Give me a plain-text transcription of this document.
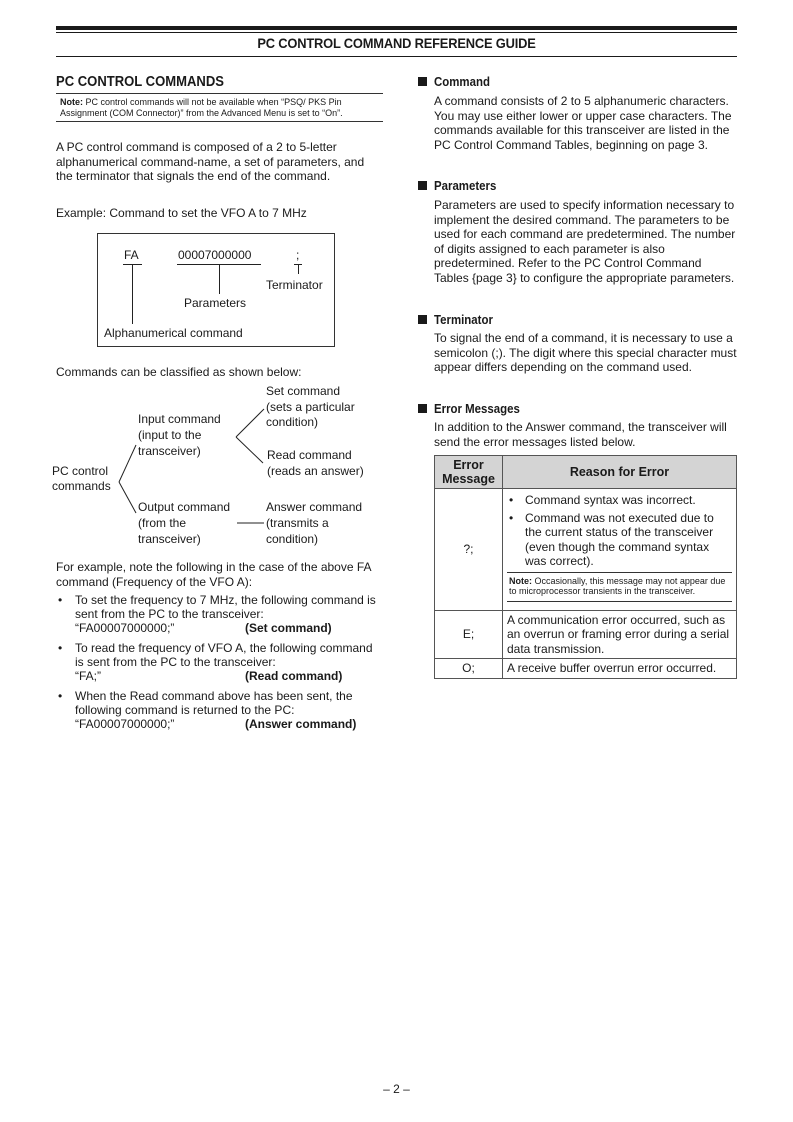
PC CONTROL COMMAND REFERENCE GUIDE
PC CONTROL COMMANDS
Note: PC control commands will not be available when “PSQ/ PKS Pin Assignment (COM Connector)” from the Advanced Menu is set to “On”.
A PC control command is composed of a 2 to 5-letter alphanumerical command-name, a set of parameters, and the terminator that signals the end of the command.
Example: Command to set the VFO A to 7 MHz
FA	00007000000	;
Terminator
Parameters
Alphanumerical command
Commands can be classified as shown below:
PC control
commands
Input command
(input to the
transceiver)
Output command
(from the
transceiver)
Set command
(sets a particular
condition)
Read command
(reads an answer)
Answer command
(transmits a
condition)
For example, note the following in the case of the above FA command (Frequency of the VFO A):
• To set the frequency to 7 MHz, the following command is sent from the PC to the transceiver:
“FA00007000000;”	(Set command)
• To read the frequency of VFO A, the following command is sent from the PC to the transceiver:
“FA;”	(Read command)
• When the Read command above has been sent, the following command is returned to the PC:
“FA00007000000;”	(Answer command)
Command
A command consists of 2 to 5 alphanumeric characters. You may use either lower or upper case characters. The commands available for this transceiver are listed in the PC Control Command Tables, beginning on page 3.
Parameters
Parameters are used to specify information necessary to implement the desired command. The parameters to be used for each command are predetermined. The number of digits assigned to each parameter is also predetermined. Refer to the PC Control Command Tables {page 3} to configure the appropriate parameters.
Terminator
To signal the end of a command, it is necessary to use a semicolon (;). The digit where this special character must appear differs depending on the command used.
Error Messages
In addition to the Answer command, the transceiver will send the error messages listed below.
Error Message	Reason for Error
?;	• Command syntax was incorrect.
• Command was not executed due to the current status of the transceiver (even though the command syntax was correct).
Note: Occasionally, this message may not appear due to microprocessor transients in the transceiver.

E;	A communication error occurred, such as an overrun or framing error during a serial data transmission.
O;	A receive buffer overrun error occurred.
– 2 –
